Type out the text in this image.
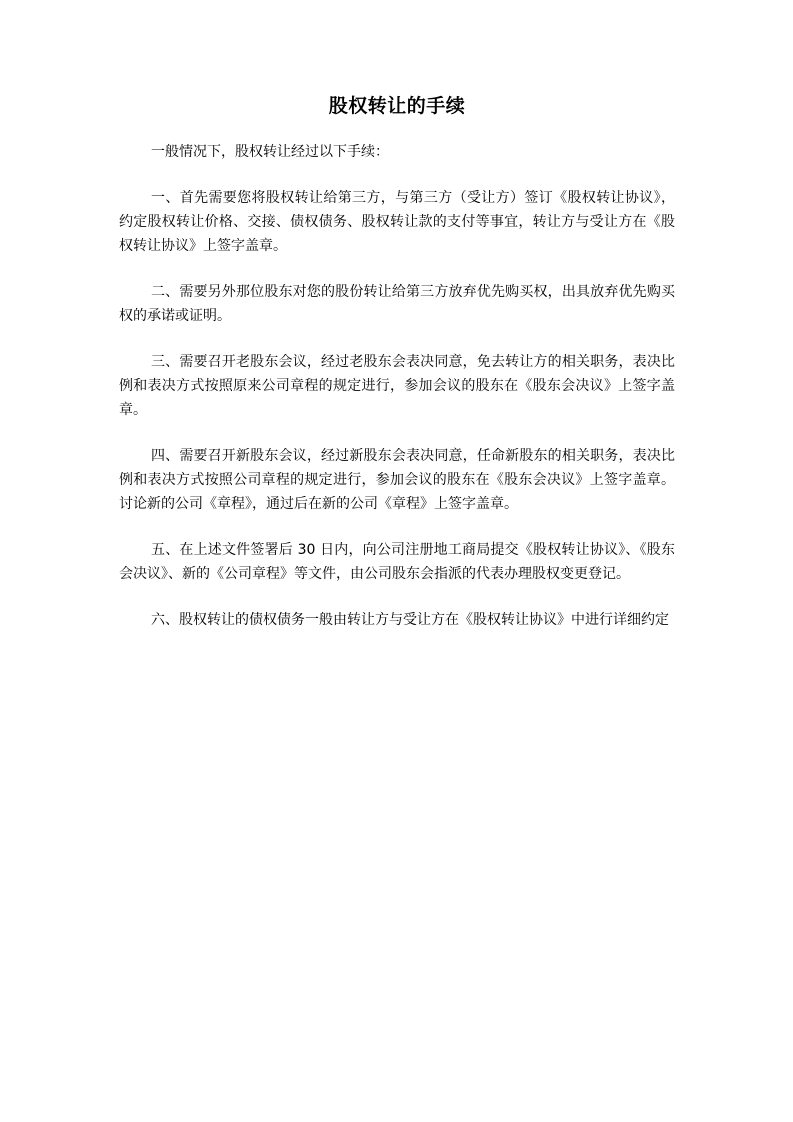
股权转让的手续

一般情况下，股权转让经过以下手续：

一、首先需要您将股权转让给第三方，与第三方（受让方）签订《股权转让协议》，约定股权转让价格、交接、债权债务、股权转让款的支付等事宜，转让方与受让方在《股权转让协议》上签字盖章。

二、需要另外那位股东对您的股份转让给第三方放弃优先购买权，出具放弃优先购买权的承诺或证明。

三、需要召开老股东会议，经过老股东会表决同意，免去转让方的相关职务，表决比例和表决方式按照原来公司章程的规定进行，参加会议的股东在《股东会决议》上签字盖章。

四、需要召开新股东会议，经过新股东会表决同意，任命新股东的相关职务，表决比例和表决方式按照公司章程的规定进行，参加会议的股东在《股东会决议》上签字盖章。讨论新的公司《章程》，通过后在新的公司《章程》上签字盖章。

五、在上述文件签署后 30 日内，向公司注册地工商局提交《股权转让协议》、《股东会决议》、新的《公司章程》等文件，由公司股东会指派的代表办理股权变更登记。

六、股权转让的债权债务一般由转让方与受让方在《股权转让协议》中进行详细约定
